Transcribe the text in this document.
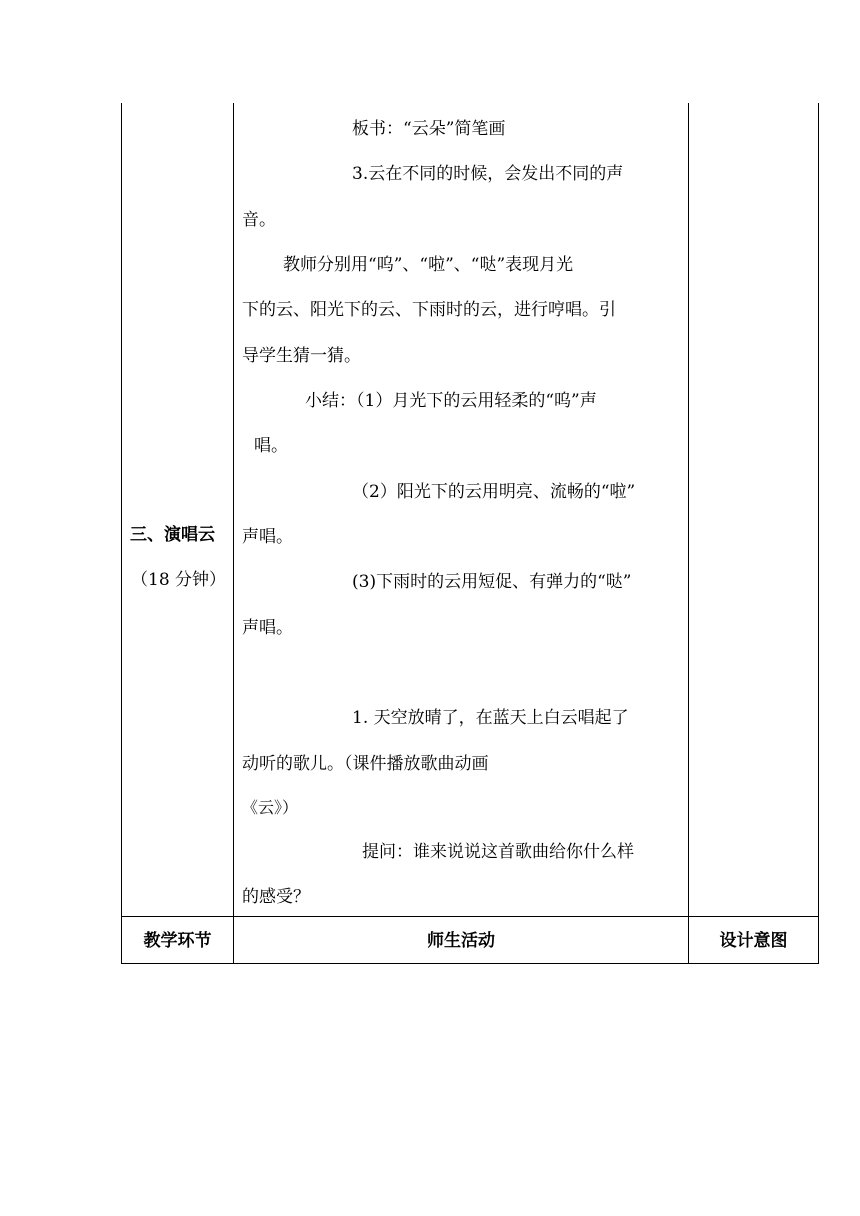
三、演唱云
（18 分钟）
板书：“云朵”简笔画
3.云在不同的时候，会发出不同的声
音。
教师分别用“呜”、“啦”、“哒”表现月光
下的云、阳光下的云、下雨时的云，进行哼唱。引
导学生猜一猜。
小结：（1）月光下的云用轻柔的“呜”声
唱。
（2）阳光下的云用明亮、流畅的“啦”
声唱。
(3)下雨时的云用短促、有弹力的“哒”
声唱。
1. 天空放晴了，在蓝天上白云唱起了
动听的歌儿。（课件播放歌曲动画
《云》）
提问：谁来说说这首歌曲给你什么样
的感受？
教学环节	师生活动	设计意图
